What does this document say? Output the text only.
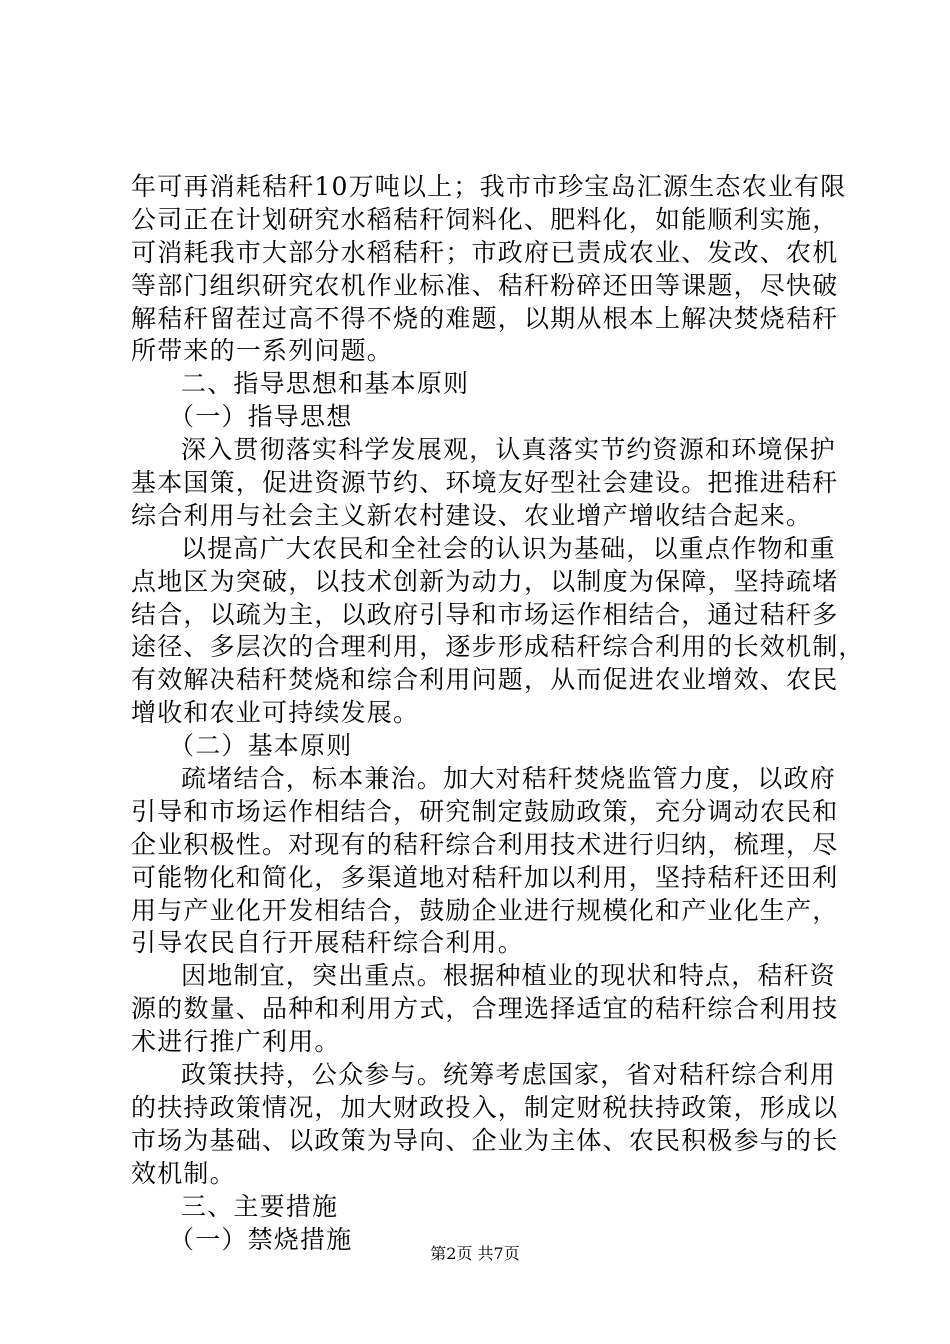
年可再消耗秸秆10万吨以上；我市市珍宝岛汇源生态农业有限
公司正在计划研究水稻秸秆饲料化、肥料化，如能顺利实施，
可消耗我市大部分水稻秸秆；市政府已责成农业、发改、农机
等部门组织研究农机作业标准、秸秆粉碎还田等课题，尽快破
解秸秆留茬过高不得不烧的难题，以期从根本上解决焚烧秸秆
所带来的一系列问题。
二、指导思想和基本原则
（一）指导思想
深入贯彻落实科学发展观，认真落实节约资源和环境保护
基本国策，促进资源节约、环境友好型社会建设。把推进秸秆
综合利用与社会主义新农村建设、农业增产增收结合起来。
以提高广大农民和全社会的认识为基础，以重点作物和重
点地区为突破，以技术创新为动力，以制度为保障，坚持疏堵
结合，以疏为主，以政府引导和市场运作相结合，通过秸秆多
途径、多层次的合理利用，逐步形成秸秆综合利用的长效机制，
有效解决秸秆焚烧和综合利用问题，从而促进农业增效、农民
增收和农业可持续发展。
（二）基本原则
疏堵结合，标本兼治。加大对秸秆焚烧监管力度，以政府
引导和市场运作相结合，研究制定鼓励政策，充分调动农民和
企业积极性。对现有的秸秆综合利用技术进行归纳，梳理，尽
可能物化和简化，多渠道地对秸秆加以利用，坚持秸秆还田利
用与产业化开发相结合，鼓励企业进行规模化和产业化生产，
引导农民自行开展秸秆综合利用。
因地制宜，突出重点。根据种植业的现状和特点，秸秆资
源的数量、品种和利用方式，合理选择适宜的秸秆综合利用技
术进行推广利用。
政策扶持，公众参与。统筹考虑国家，省对秸秆综合利用
的扶持政策情况，加大财政投入，制定财税扶持政策，形成以
市场为基础、以政策为导向、企业为主体、农民积极参与的长
效机制。
三、主要措施
（一）禁烧措施	第2页 共7页
